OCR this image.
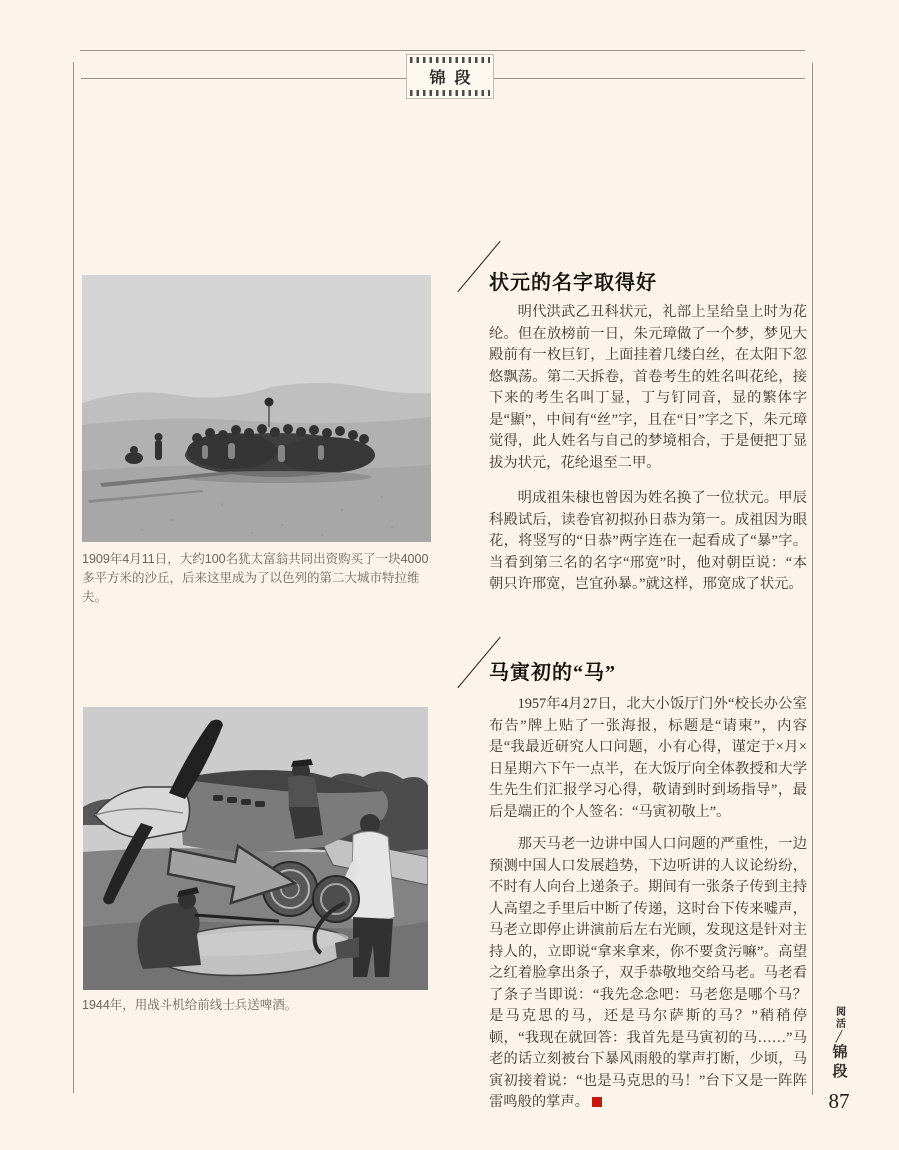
锦段
1909年4月11日，大约100名犹太富翁共同出资购买了一块4000多平方米的沙丘，后来这里成为了以色列的第二大城市特拉维夫。
1944年，用战斗机给前线士兵送啤酒。
状元的名字取得好

明代洪武乙丑科状元，礼部上呈给皇上时为花纶。但在放榜前一日，朱元璋做了一个梦，梦见大殿前有一枚巨钉，上面挂着几缕白丝，在太阳下忽悠飘荡。第二天拆卷，首卷考生的姓名叫花纶，接下来的考生名叫丁显，丁与钉同音，显的繁体字是“顯”，中间有“丝”字，且在“日”字之下，朱元璋觉得，此人姓名与自己的梦境相合，于是便把丁显拔为状元，花纶退至二甲。

明成祖朱棣也曾因为姓名换了一位状元。甲辰科殿试后，读卷官初拟孙日恭为第一。成祖因为眼花，将竖写的“日恭”两字连在一起看成了“暴”字。当看到第三名的名字“邢宽”时，他对朝臣说：“本朝只许邢宽，岂宜孙暴。”就这样，邢宽成了状元。

马寅初的“马”

1957年4月27日，北大小饭厅门外“校长办公室布告”牌上贴了一张海报，标题是“请柬”，内容是“我最近研究人口问题，小有心得，谨定于×月×日星期六下午一点半，在大饭厅向全体教授和大学生先生们汇报学习心得，敬请到时到场指导”，最后是端正的个人签名：“马寅初敬上”。

那天马老一边讲中国人口问题的严重性，一边预测中国人口发展趋势，下边听讲的人议论纷纷，不时有人向台上递条子。期间有一张条子传到主持人高望之手里后中断了传递，这时台下传来嘘声，马老立即停止讲演前后左右光顾，发现这是针对主持人的，立即说“拿来拿来，你不要贪污嘛”。高望之红着脸拿出条子，双手恭敬地交给马老。马老看了条子当即说：“我先念念吧：马老您是哪个马？是马克思的马，还是马尔萨斯的马？”稍稍停顿，“我现在就回答：我首先是马寅初的马……”马老的话立刻被台下暴风雨般的掌声打断，少顷，马寅初接着说：“也是马克思的马！”台下又是一阵阵雷鸣般的掌声。

阅活
╱
锦段
87
